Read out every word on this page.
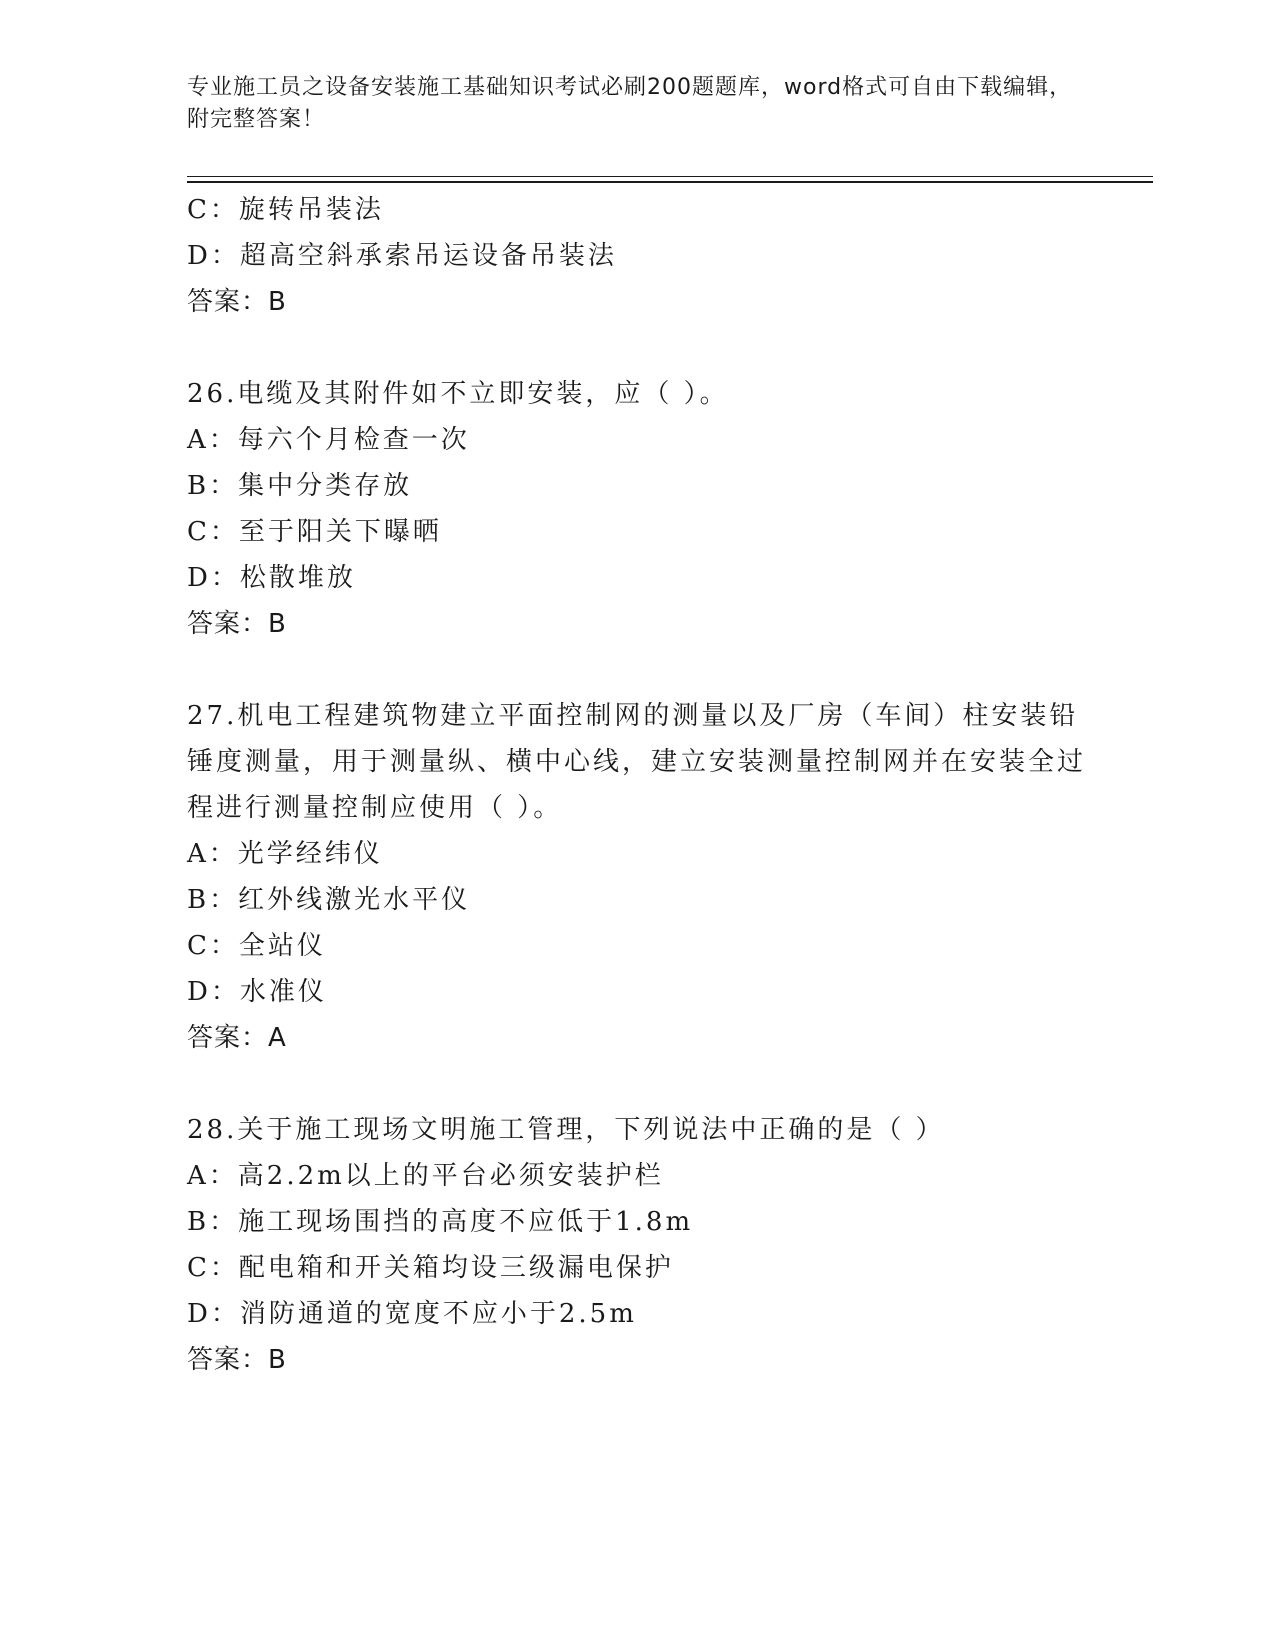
专业施工员之设备安装施工基础知识考试必刷200题题库，word格式可自由下载编辑，附完整答案！
C：旋转吊装法
D：超高空斜承索吊运设备吊装法
答案：B
26.电缆及其附件如不立即安装，应（ ）。
A：每六个月检查一次
B：集中分类存放
C：至于阳关下曝晒
D：松散堆放
答案：B
27.机电工程建筑物建立平面控制网的测量以及厂房（车间）柱安装铅锤度测量，用于测量纵、横中心线，建立安装测量控制网并在安装全过程进行测量控制应使用（ ）。
A：光学经纬仪
B：红外线激光水平仪
C：全站仪
D：水准仪
答案：A
28.关于施工现场文明施工管理，下列说法中正确的是（ ）
A：高2.2m以上的平台必须安装护栏
B：施工现场围挡的高度不应低于1.8m
C：配电箱和开关箱均设三级漏电保护
D：消防通道的宽度不应小于2.5m
答案：B
